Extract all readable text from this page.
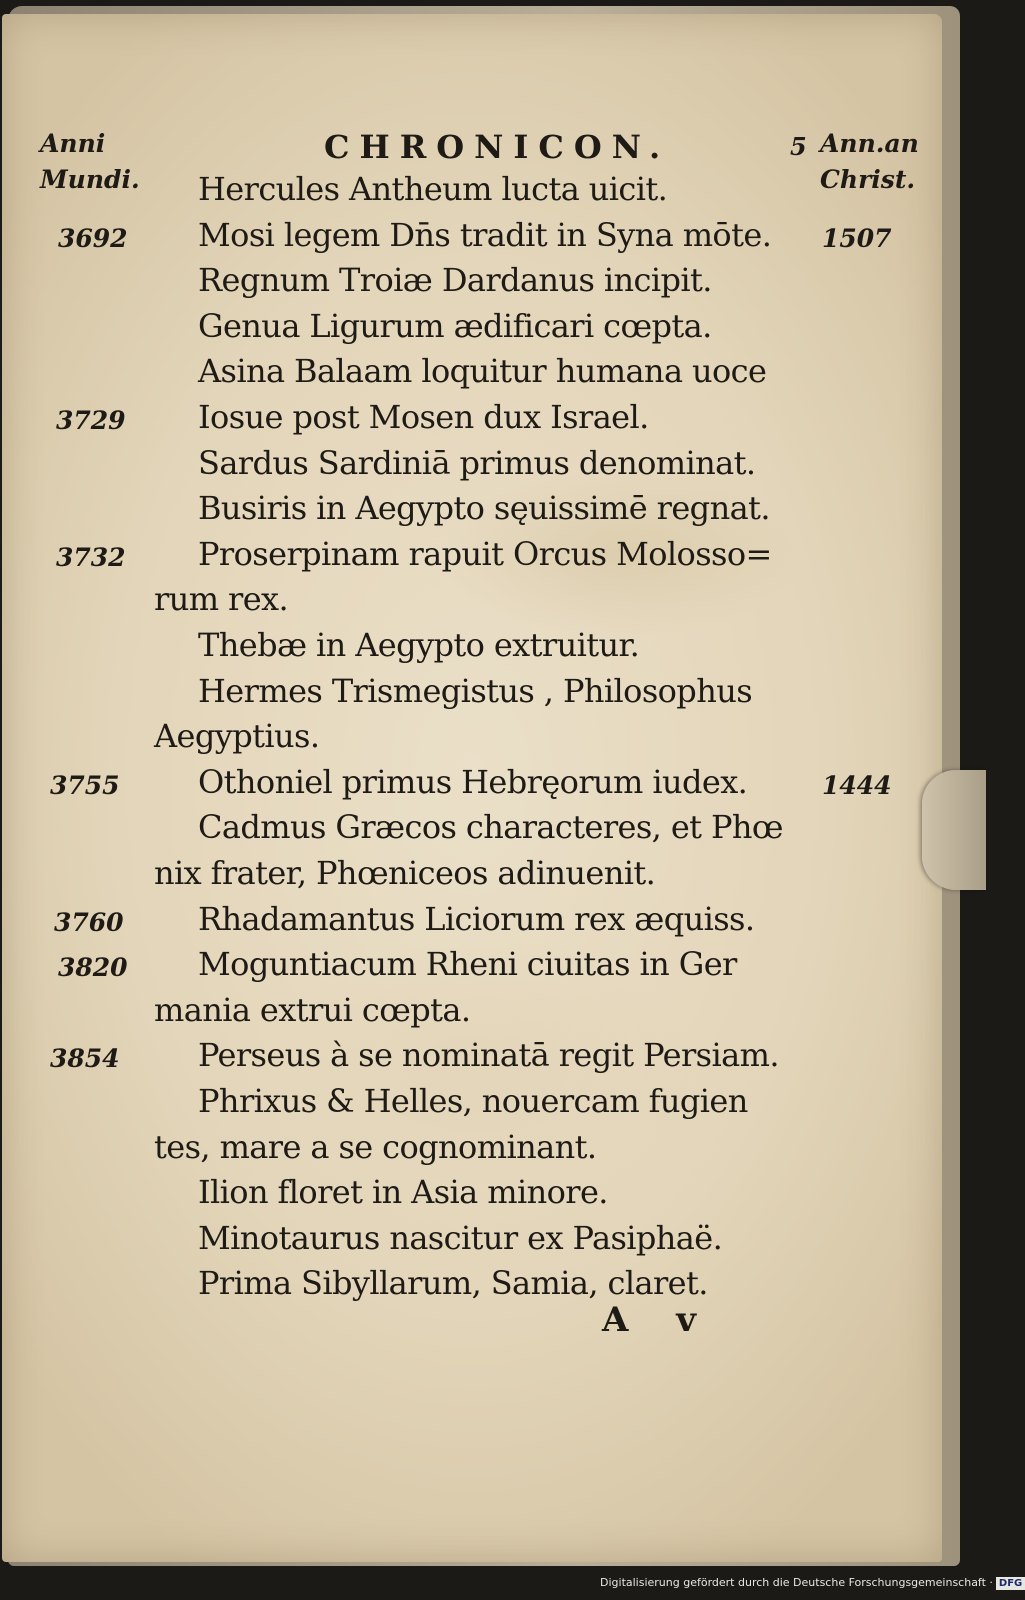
Anni
Mundi.
CHRONICON.	5 Ann.an
Christ.
Hercules Antheum lucta uicit.
3692 Mosi legem Dn̄s tradit in Syna mōte. 1507
Regnum Troiæ Dardanus incipit.
Genua Ligurum ædificari cœpta.
Asina Balaam loquitur humana uoce
3729 Iosue post Mosen dux Israel.
Sardus Sardiniā primus denominat.
Busiris in Aegypto sęuissimē regnat.
3732 Proserpinam rapuit Orcus Molosso=
rum rex.
Thebæ in Aegypto extruitur.
Hermes Trismegistus , Philosophus
Aegyptius.
3755 Othoniel primus Hebręorum iudex.	1444
Cadmus Græcos characteres, et Phœ
nix frater, Phœniceos adinuenit.
3760 Rhadamantus Liciorum rex æquiss.
3820 Moguntiacum Rheni ciuitas in Ger
mania extrui cœpta.
3854 Perseus à se nominatā regit Persiam.
Phrixus & Helles, nouercam fugien
tes, mare a se cognominant.
Ilion floret in Asia minore.
Minotaurus nascitur ex Pasiphaë.
Prima Sibyllarum, Samia, claret.
A v
Digitalisierung gefördert durch die Deutsche Forschungsgemeinschaft · DFG
